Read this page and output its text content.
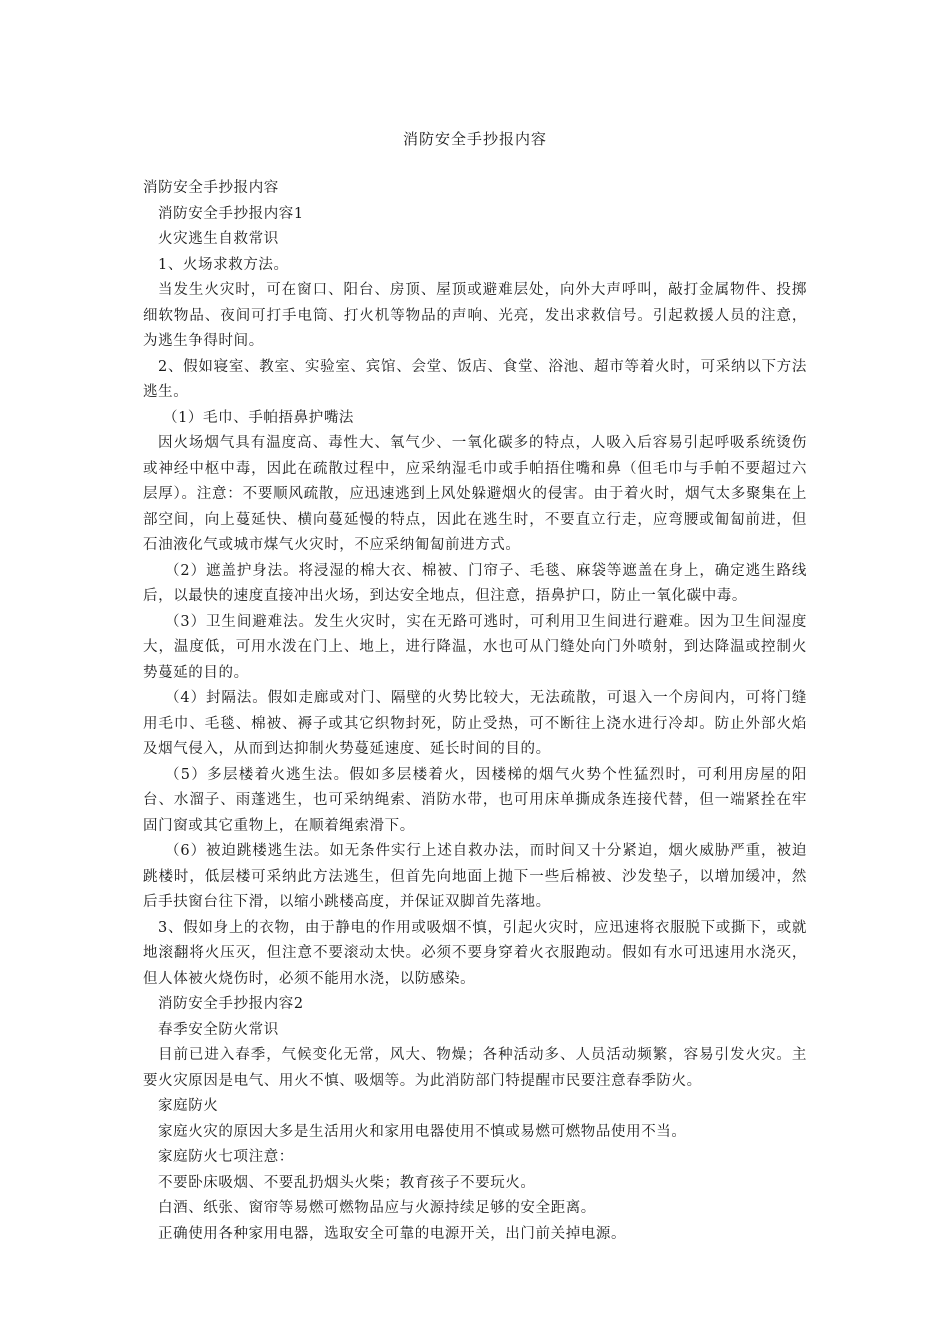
消防安全手抄报内容

消防安全手抄报内容

消防安全手抄报内容1

火灾逃生自救常识

1、火场求救方法。

当发生火灾时，可在窗口、阳台、房顶、屋顶或避难层处，向外大声呼叫，敲打金属物件、投掷细软物品、夜间可打手电筒、打火机等物品的声响、光亮，发出求救信号。引起救援人员的注意，为逃生争得时间。

2、假如寝室、教室、实验室、宾馆、会堂、饭店、食堂、浴池、超市等着火时，可采纳以下方法逃生。

（1）毛巾、手帕捂鼻护嘴法

因火场烟气具有温度高、毒性大、氧气少、一氧化碳多的特点，人吸入后容易引起呼吸系统烫伤或神经中枢中毒，因此在疏散过程中，应采纳湿毛巾或手帕捂住嘴和鼻（但毛巾与手帕不要超过六层厚）。注意：不要顺风疏散，应迅速逃到上风处躲避烟火的侵害。由于着火时，烟气太多聚集在上部空间，向上蔓延快、横向蔓延慢的特点，因此在逃生时，不要直立行走，应弯腰或匍匐前进，但石油液化气或城市煤气火灾时，不应采纳匍匐前进方式。

（2）遮盖护身法。将浸湿的棉大衣、棉被、门帘子、毛毯、麻袋等遮盖在身上，确定逃生路线后，以最快的速度直接冲出火场，到达安全地点，但注意，捂鼻护口，防止一氧化碳中毒。

（3）卫生间避难法。发生火灾时，实在无路可逃时，可利用卫生间进行避难。因为卫生间湿度大，温度低，可用水泼在门上、地上，进行降温，水也可从门缝处向门外喷射，到达降温或控制火势蔓延的目的。

（4）封隔法。假如走廊或对门、隔壁的火势比较大，无法疏散，可退入一个房间内，可将门缝用毛巾、毛毯、棉被、褥子或其它织物封死，防止受热，可不断往上浇水进行冷却。防止外部火焰及烟气侵入，从而到达抑制火势蔓延速度、延长时间的目的。

（5）多层楼着火逃生法。假如多层楼着火，因楼梯的烟气火势个性猛烈时，可利用房屋的阳台、水溜子、雨蓬逃生，也可采纳绳索、消防水带，也可用床单撕成条连接代替，但一端紧拴在牢固门窗或其它重物上，在顺着绳索滑下。

（6）被迫跳楼逃生法。如无条件实行上述自救办法，而时间又十分紧迫，烟火威胁严重，被迫跳楼时，低层楼可采纳此方法逃生，但首先向地面上抛下一些后棉被、沙发垫子，以增加缓冲，然后手扶窗台往下滑，以缩小跳楼高度，并保证双脚首先落地。

3、假如身上的衣物，由于静电的作用或吸烟不慎，引起火灾时，应迅速将衣服脱下或撕下，或就地滚翻将火压灭，但注意不要滚动太快。必须不要身穿着火衣服跑动。假如有水可迅速用水浇灭，但人体被火烧伤时，必须不能用水浇，以防感染。

消防安全手抄报内容2

春季安全防火常识

目前已进入春季，气候变化无常，风大、物燥；各种活动多、人员活动频繁，容易引发火灾。主要火灾原因是电气、用火不慎、吸烟等。为此消防部门特提醒市民要注意春季防火。

家庭防火

家庭火灾的原因大多是生活用火和家用电器使用不慎或易燃可燃物品使用不当。

家庭防火七项注意：

不要卧床吸烟、不要乱扔烟头火柴；教育孩子不要玩火。

白酒、纸张、窗帘等易燃可燃物品应与火源持续足够的安全距离。

正确使用各种家用电器，选取安全可靠的电源开关，出门前关掉电源。
